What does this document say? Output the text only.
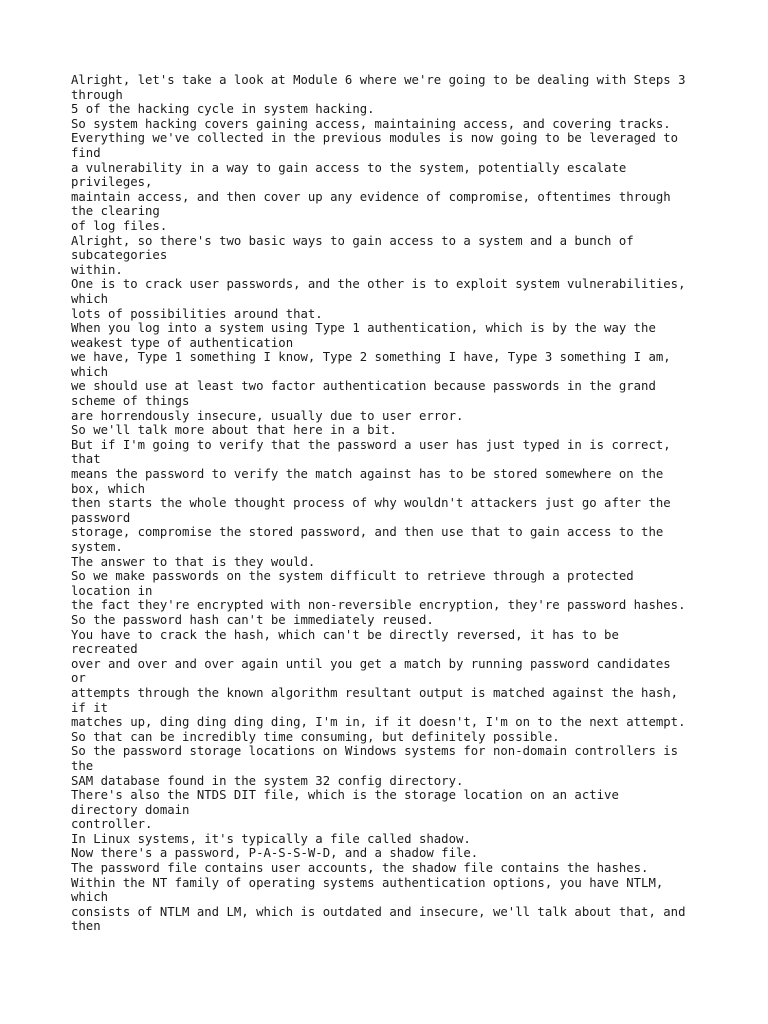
Alright, let's take a look at Module 6 where we're going to be dealing with Steps 3
through
5 of the hacking cycle in system hacking.
So system hacking covers gaining access, maintaining access, and covering tracks.
Everything we've collected in the previous modules is now going to be leveraged to
find
a vulnerability in a way to gain access to the system, potentially escalate
privileges,
maintain access, and then cover up any evidence of compromise, oftentimes through
the clearing
of log files.
Alright, so there's two basic ways to gain access to a system and a bunch of
subcategories
within.
One is to crack user passwords, and the other is to exploit system vulnerabilities,
which
lots of possibilities around that.
When you log into a system using Type 1 authentication, which is by the way the
weakest type of authentication
we have, Type 1 something I know, Type 2 something I have, Type 3 something I am,
which
we should use at least two factor authentication because passwords in the grand
scheme of things
are horrendously insecure, usually due to user error.
So we'll talk more about that here in a bit.
But if I'm going to verify that the password a user has just typed in is correct,
that
means the password to verify the match against has to be stored somewhere on the
box, which
then starts the whole thought process of why wouldn't attackers just go after the
password
storage, compromise the stored password, and then use that to gain access to the
system.
The answer to that is they would.
So we make passwords on the system difficult to retrieve through a protected
location in
the fact they're encrypted with non-reversible encryption, they're password hashes.
So the password hash can't be immediately reused.
You have to crack the hash, which can't be directly reversed, it has to be
recreated
over and over and over again until you get a match by running password candidates
or
attempts through the known algorithm resultant output is matched against the hash,
if it
matches up, ding ding ding ding, I'm in, if it doesn't, I'm on to the next attempt.
So that can be incredibly time consuming, but definitely possible.
So the password storage locations on Windows systems for non-domain controllers is
the
SAM database found in the system 32 config directory.
There's also the NTDS DIT file, which is the storage location on an active
directory domain
controller.
In Linux systems, it's typically a file called shadow.
Now there's a password, P-A-S-S-W-D, and a shadow file.
The password file contains user accounts, the shadow file contains the hashes.
Within the NT family of operating systems authentication options, you have NTLM,
which
consists of NTLM and LM, which is outdated and insecure, we'll talk about that, and
then
